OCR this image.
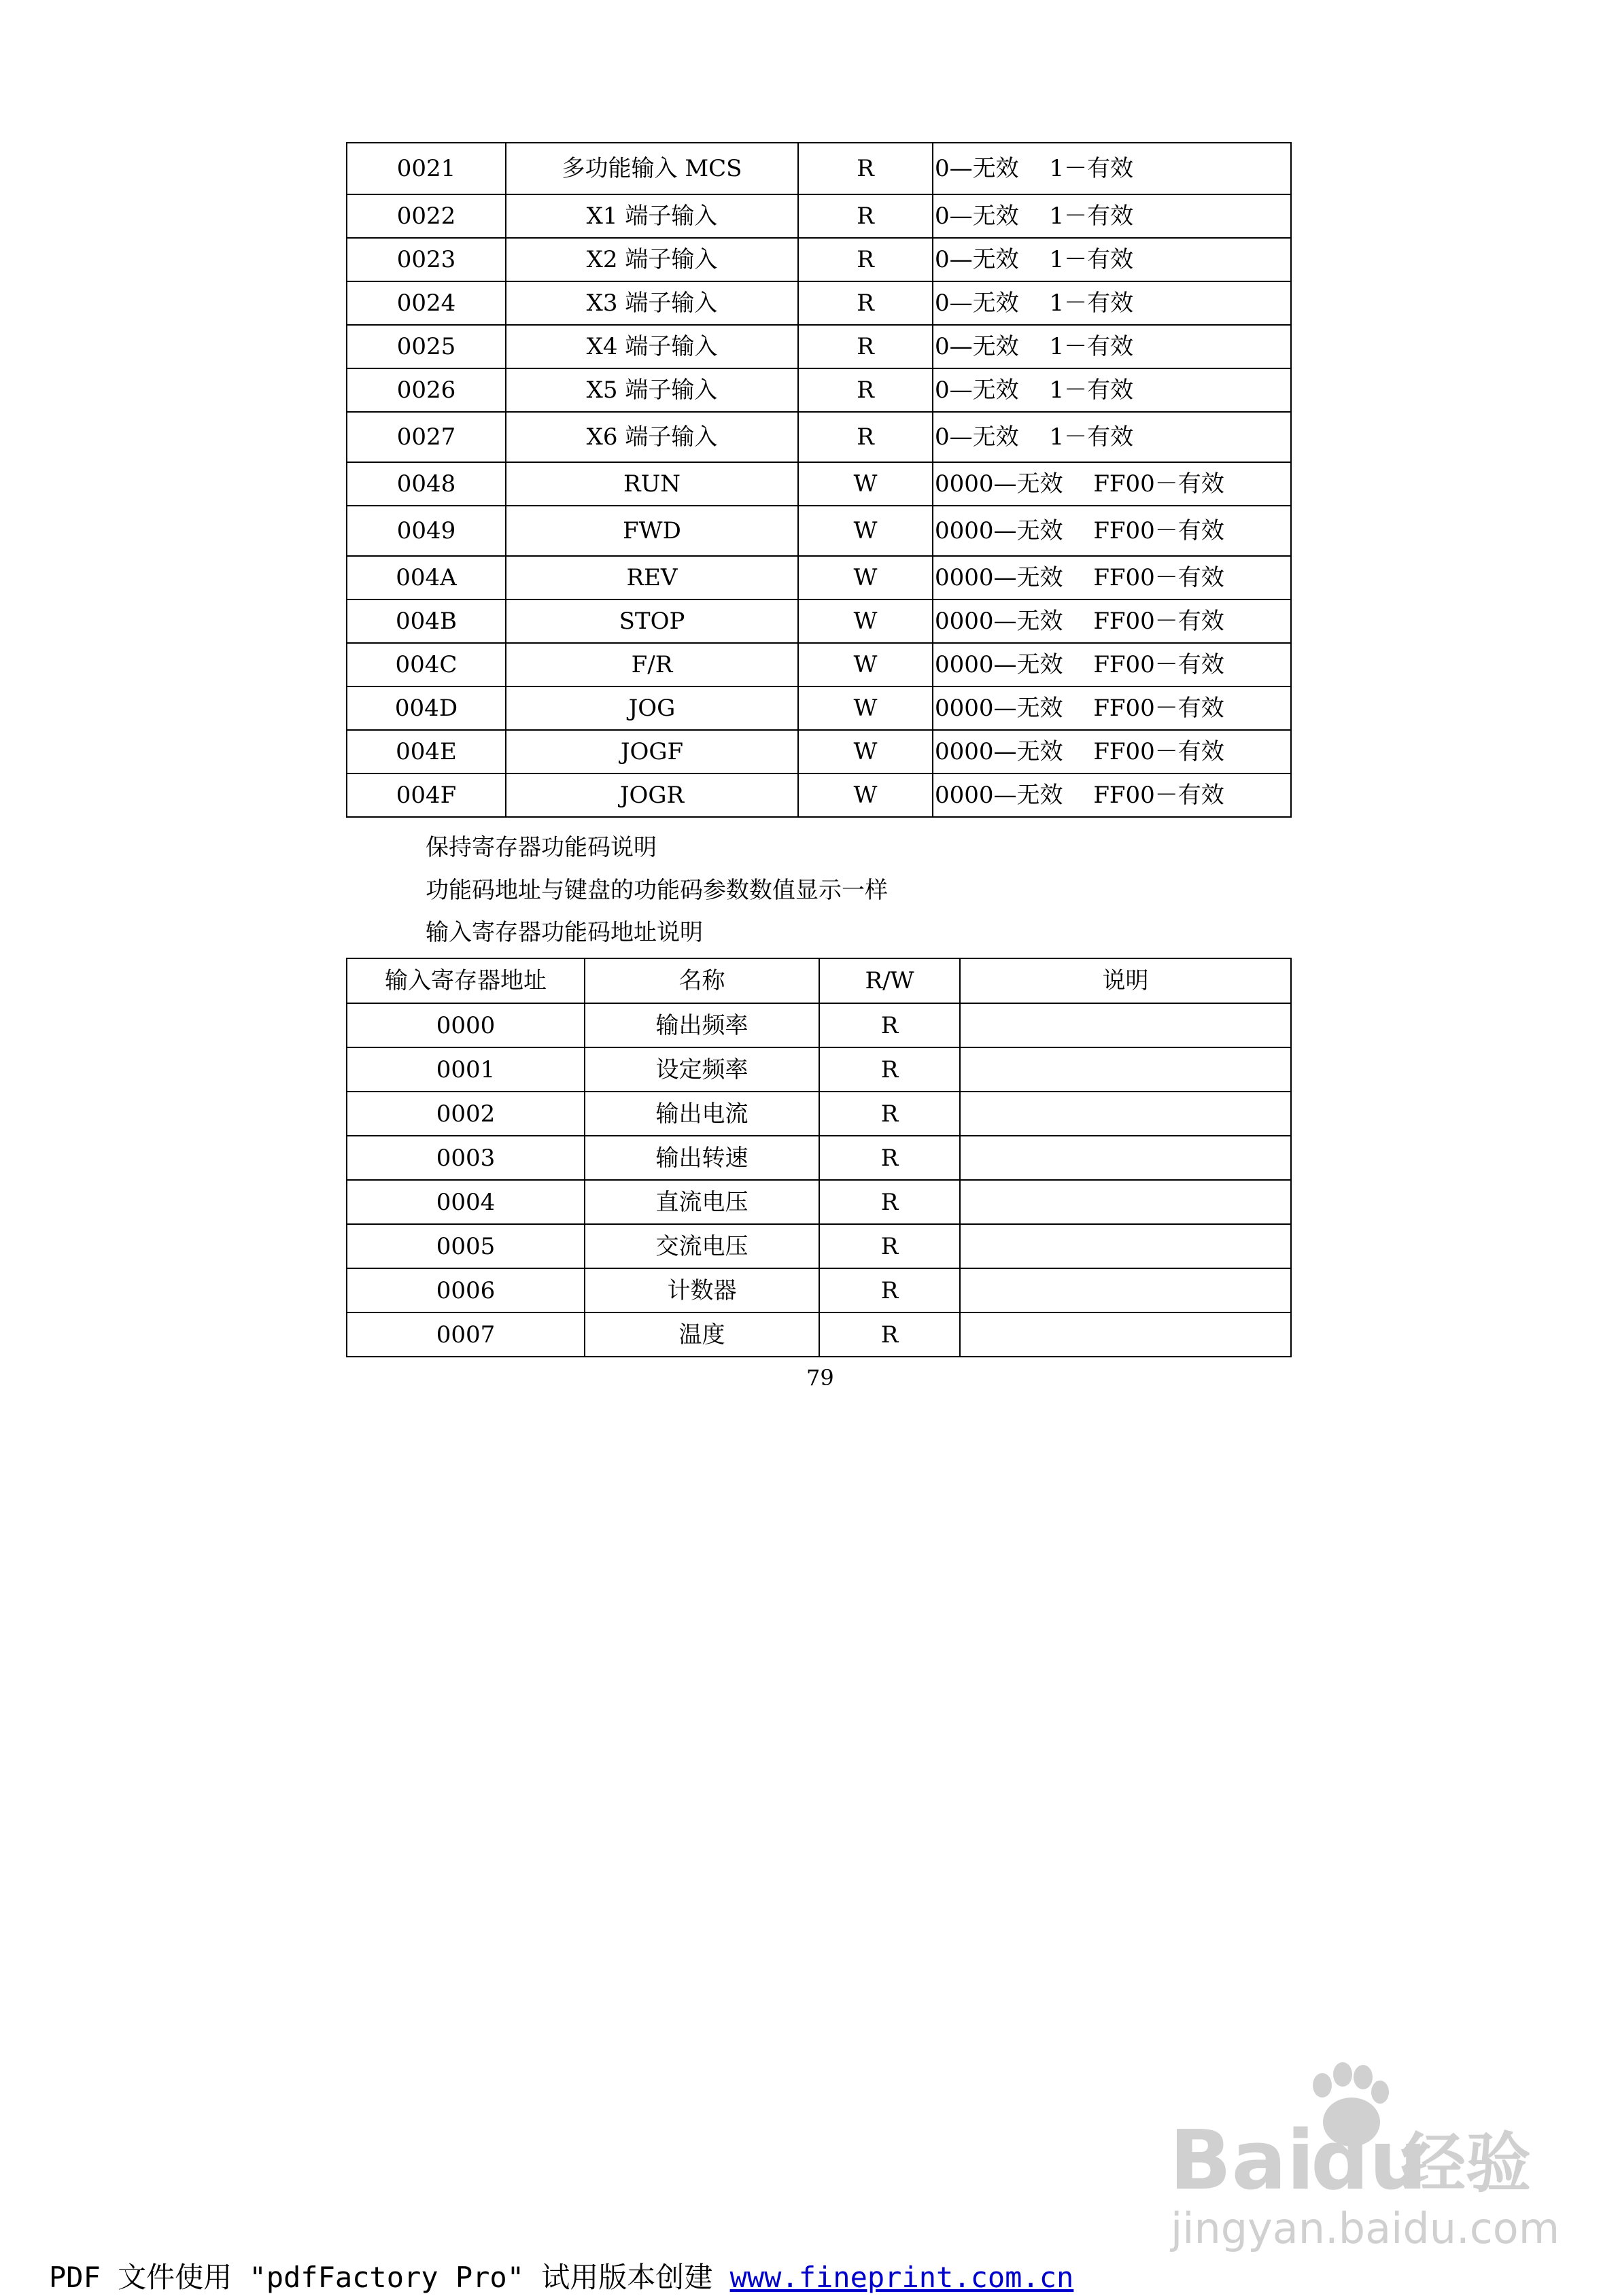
0021	多功能输入 MCS	R	0—无效　 1－有效
0022	X1 端子输入	R	0—无效　 1－有效
0023	X2 端子输入	R	0—无效　 1－有效
0024	X3 端子输入	R	0—无效　 1－有效
0025	X4 端子输入	R	0—无效　 1－有效
0026	X5 端子输入	R	0—无效　 1－有效
0027	X6 端子输入	R	0—无效　 1－有效
0048	RUN	W	0000—无效　 FF00－有效
0049	FWD	W	0000—无效　 FF00－有效
004A	REV	W	0000—无效　 FF00－有效
004B	STOP	W	0000—无效　 FF00－有效
004C	F/R	W	0000—无效　 FF00－有效
004D	JOG	W	0000—无效　 FF00－有效
004E	JOGF	W	0000—无效　 FF00－有效
004F	JOGR	W	0000—无效　 FF00－有效
保持寄存器功能码说明
功能码地址与键盘的功能码参数数值显示一样
输入寄存器功能码地址说明
输入寄存器地址	名称	R/W	说明
0000	输出频率	R	
0001	设定频率	R	
0002	输出电流	R	
0003	输出转速	R	
0004	直流电压	R	
0005	交流电压	R	
0006	计数器	R	
0007	温度	R	
79
Bai
du
经验
jingyan.baidu.com
PDF 文件使用 "pdfFactory Pro" 试用版本创建 www.fineprint.com.cn
